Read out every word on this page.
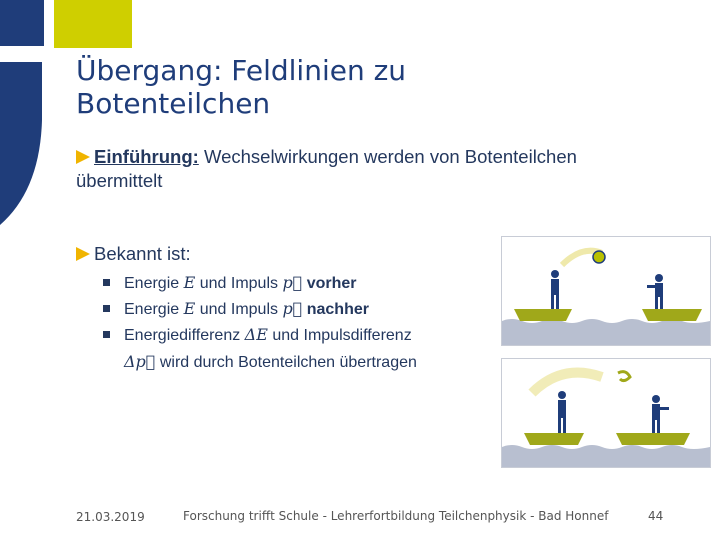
Übergang: Feldlinien zu Botenteilchen
Einführung: Wechselwirkungen werden von Botenteilchen übermittelt
Bekannt ist:
Energie E und Impuls p⃗ vorher
Energie E und Impuls p⃗ nachher
Energiedifferenz ΔE und Impulsdifferenz
Δp⃗ wird durch Botenteilchen übertragen
21.03.2019	Forschung trifft Schule - Lehrerfortbildung Teilchenphysik - Bad Honnef	44
